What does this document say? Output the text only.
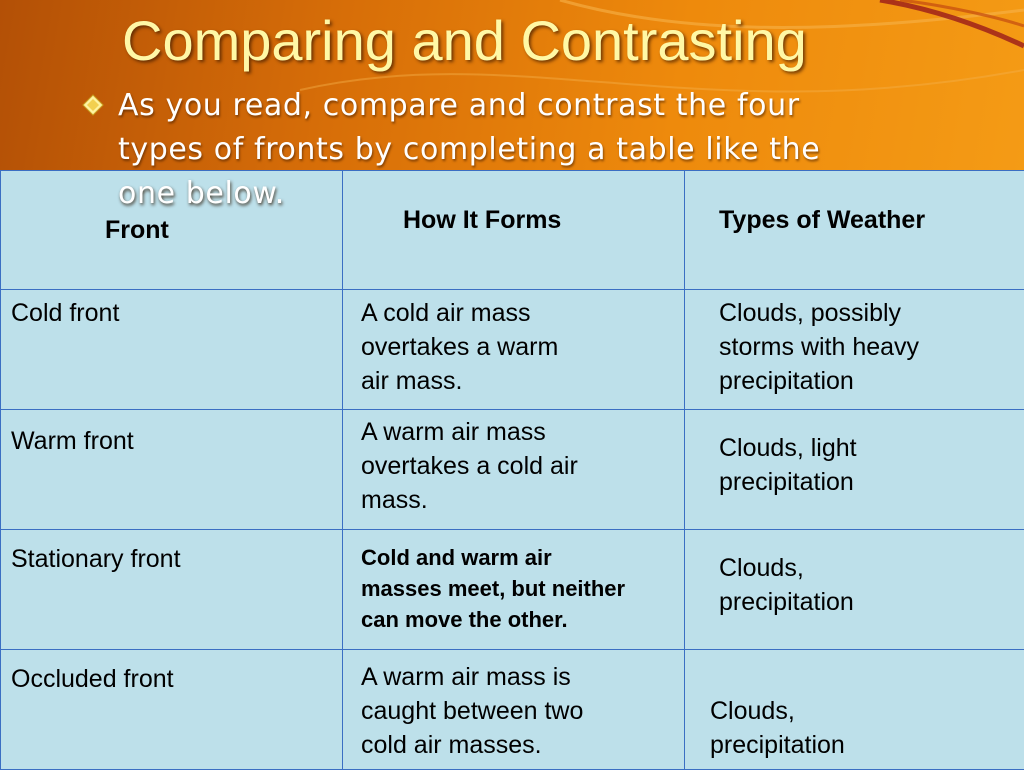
Comparing and Contrasting

As you read, compare and contrast the four
types of fronts by completing a table like the

Front	How It Forms	Types of Weather

Cold front	A cold air mass
overtakes a warm
air mass.	Clouds, possibly
storms with heavy
precipitation

Warm front	A warm air mass
overtakes a cold air
mass.	Clouds, light
precipitation

Stationary front	Cold and warm air
masses meet, but neither
can move the other.	Clouds,
precipitation

Occluded front	A warm air mass is
caught between two
cold air masses.	Clouds,
precipitation

one below.
